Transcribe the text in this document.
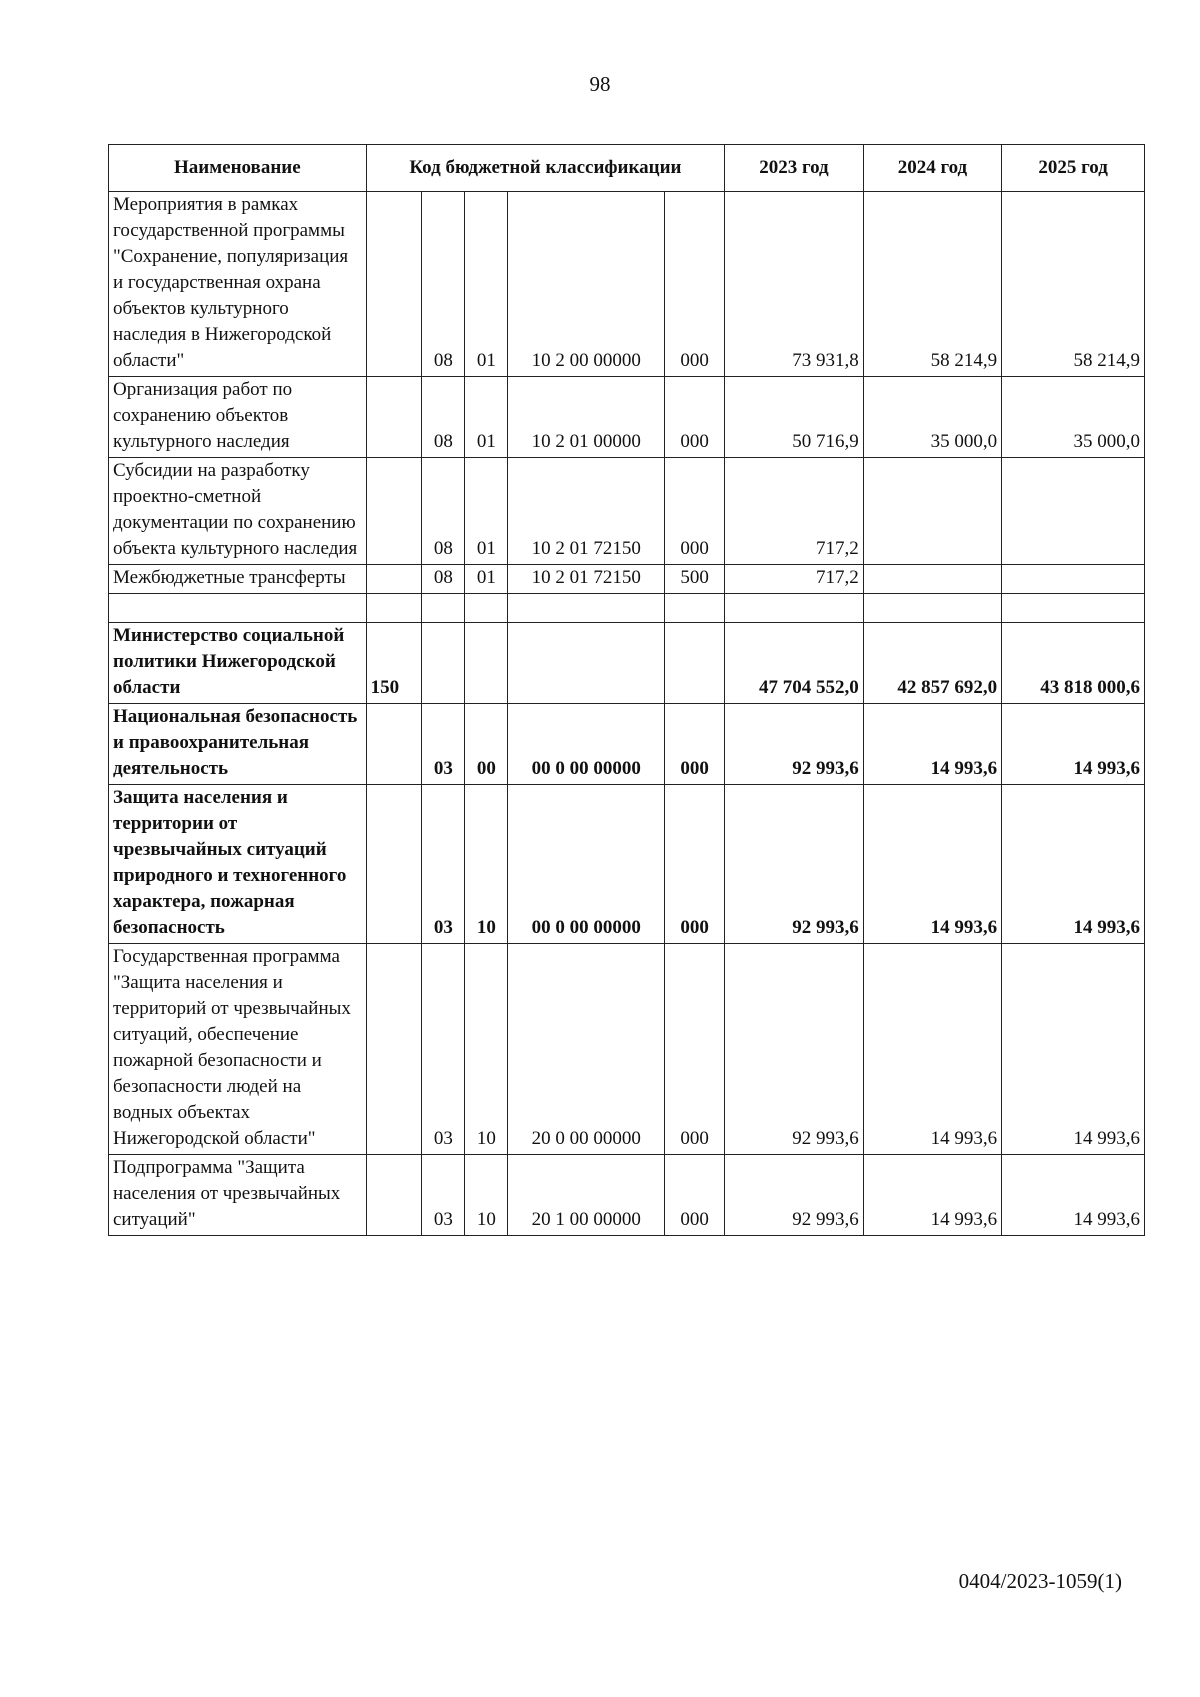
98
Наименование	Код бюджетной классификации					2023 год	2024 год	2025 год
Мероприятия в рамках государственной программы "Сохранение, популяризация и государственная охрана объектов культурного наследия в Нижегородской области"		08	01	10 2 00 00000	000	73 931,8	58 214,9	58 214,9
Организация работ по сохранению объектов культурного наследия		08	01	10 2 01 00000	000	50 716,9	35 000,0	35 000,0
Субсидии на разработку проектно-сметной документации по сохранению объекта культурного наследия		08	01	10 2 01 72150	000	717,2		
Межбюджетные трансферты		08	01	10 2 01 72150	500	717,2		

Министерство социальной политики Нижегородской области	150					47 704 552,0	42 857 692,0	43 818 000,6
Национальная безопасность и правоохранительная деятельность		03	00	00 0 00 00000	000	92 993,6	14 993,6	14 993,6
Защита населения и территории от чрезвычайных ситуаций природного и техногенного характера, пожарная безопасность		03	10	00 0 00 00000	000	92 993,6	14 993,6	14 993,6
Государственная программа "Защита населения и территорий от чрезвычайных ситуаций, обеспечение пожарной безопасности и безопасности людей на водных объектах Нижегородской области"		03	10	20 0 00 00000	000	92 993,6	14 993,6	14 993,6
Подпрограмма "Защита населения от чрезвычайных ситуаций"		03	10	20 1 00 00000	000	92 993,6	14 993,6	14 993,6
0404/2023-1059(1)
